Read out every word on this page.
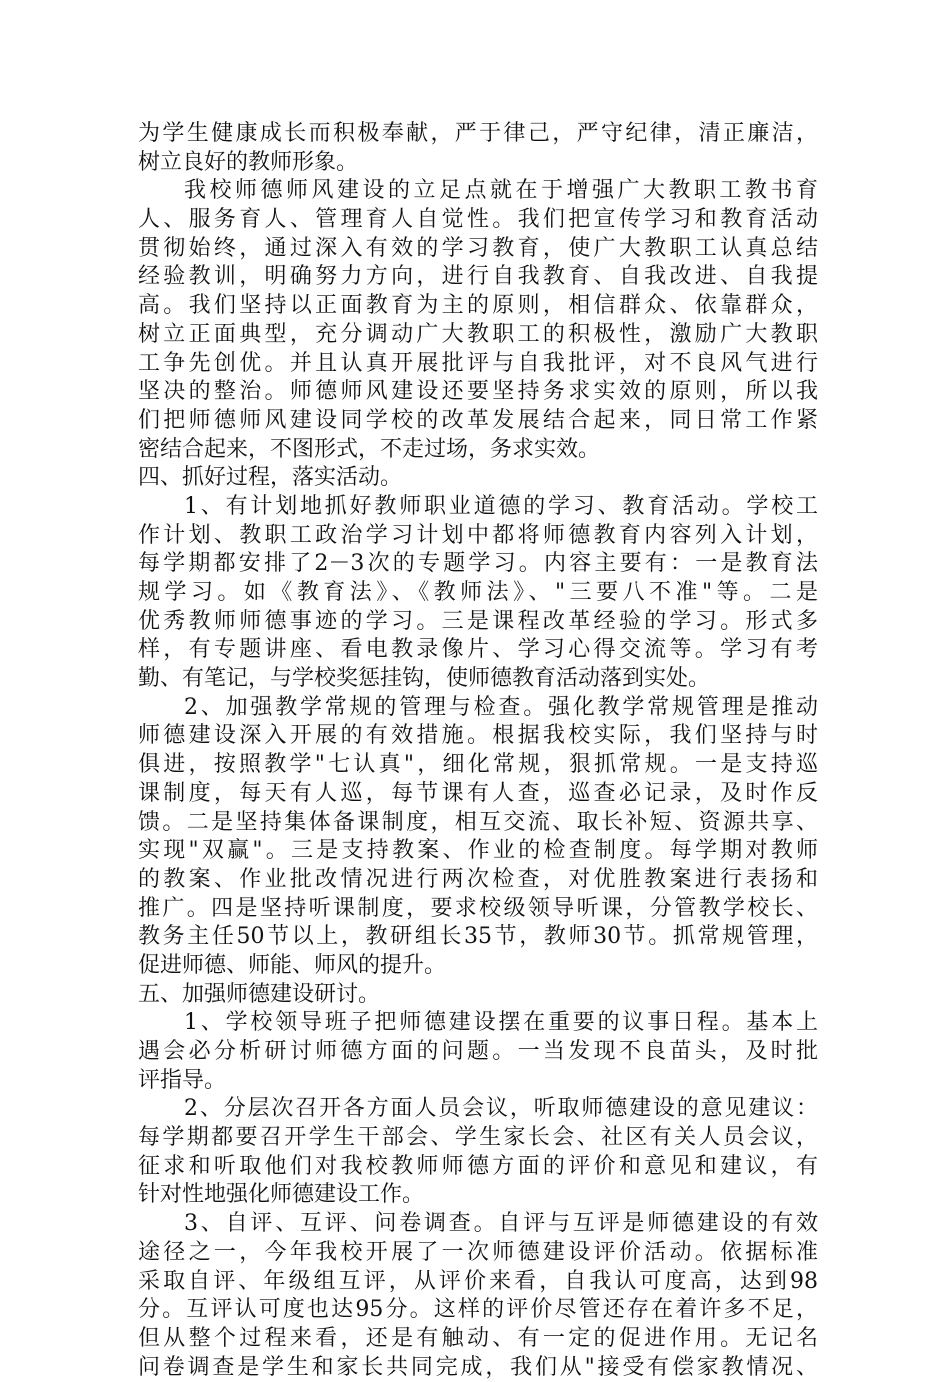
为学生健康成长而积极奉献，严于律己，严守纪律，清正廉洁，
树立良好的教师形象。
我校师德师风建设的立足点就在于增强广大教职工教书育
人、服务育人、管理育人自觉性。我们把宣传学习和教育活动
贯彻始终，通过深入有效的学习教育，使广大教职工认真总结
经验教训，明确努力方向，进行自我教育、自我改进、自我提
高。我们坚持以正面教育为主的原则，相信群众、依靠群众，
树立正面典型，充分调动广大教职工的积极性，激励广大教职
工争先创优。并且认真开展批评与自我批评，对不良风气进行
坚决的整治。师德师风建设还要坚持务求实效的原则，所以我
们把师德师风建设同学校的改革发展结合起来，同日常工作紧
密结合起来，不图形式，不走过场，务求实效。
四、抓好过程，落实活动。
1、有计划地抓好教师职业道德的学习、教育活动。学校工
作计划、教职工政治学习计划中都将师德教育内容列入计划，
每学期都安排了2－3次的专题学习。内容主要有：一是教育法
规学习。如《教育法》、《教师法》、"三要八不准"等。二是
优秀教师师德事迹的学习。三是课程改革经验的学习。形式多
样，有专题讲座、看电教录像片、学习心得交流等。学习有考
勤、有笔记，与学校奖惩挂钩，使师德教育活动落到实处。
2、加强教学常规的管理与检查。强化教学常规管理是推动
师德建设深入开展的有效措施。根据我校实际，我们坚持与时
俱进，按照教学"七认真"，细化常规，狠抓常规。一是支持巡
课制度，每天有人巡，每节课有人查，巡查必记录，及时作反
馈。二是坚持集体备课制度，相互交流、取长补短、资源共享、
实现"双赢"。三是支持教案、作业的检查制度。每学期对教师
的教案、作业批改情况进行两次检查，对优胜教案进行表扬和
推广。四是坚持听课制度，要求校级领导听课，分管教学校长、
教务主任50节以上，教研组长35节，教师30节。抓常规管理，
促进师德、师能、师风的提升。
五、加强师德建设研讨。
1、学校领导班子把师德建设摆在重要的议事日程。基本上
遇会必分析研讨师德方面的问题。一当发现不良苗头，及时批
评指导。
2、分层次召开各方面人员会议，听取师德建设的意见建议：
每学期都要召开学生干部会、学生家长会、社区有关人员会议，
征求和听取他们对我校教师师德方面的评价和意见和建议，有
针对性地强化师德建设工作。
3、自评、互评、问卷调查。自评与互评是师德建设的有效
途径之一，今年我校开展了一次师德建设评价活动。依据标准
采取自评、年级组互评，从评价来看，自我认可度高，达到98
分。互评认可度也达95分。这样的评价尽管还存在着许多不足，
但从整个过程来看，还是有触动、有一定的促进作用。无记名
问卷调查是学生和家长共同完成，我们从"接受有偿家教情况、
